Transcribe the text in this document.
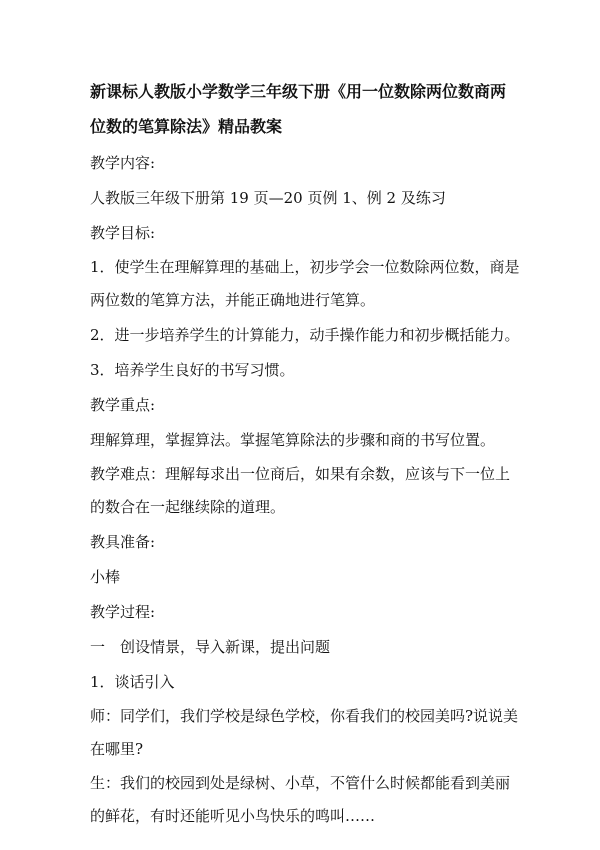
新课标人教版小学数学三年级下册《用一位数除两位数商两位数的笔算除法》精品教案
教学内容:
人教版三年级下册第 19 页—20 页例 1、例 2 及练习
教学目标:
1．使学生在理解算理的基础上，初步学会一位数除两位数，商是两位数的笔算方法，并能正确地进行笔算。
2．进一步培养学生的计算能力，动手操作能力和初步概括能力。
3．培养学生良好的书写习惯。
教学重点:
理解算理，掌握算法。掌握笔算除法的步骤和商的书写位置。
教学难点：理解每求出一位商后，如果有余数，应该与下一位上的数合在一起继续除的道理。
教具准备:
小棒
教学过程:
一　创设情景，导入新课，提出问题
1．谈话引入
师：同学们，我们学校是绿色学校，你看我们的校园美吗?说说美在哪里?
生：我们的校园到处是绿树、小草，不管什么时候都能看到美丽的鲜花，有时还能听见小鸟快乐的鸣叫……
